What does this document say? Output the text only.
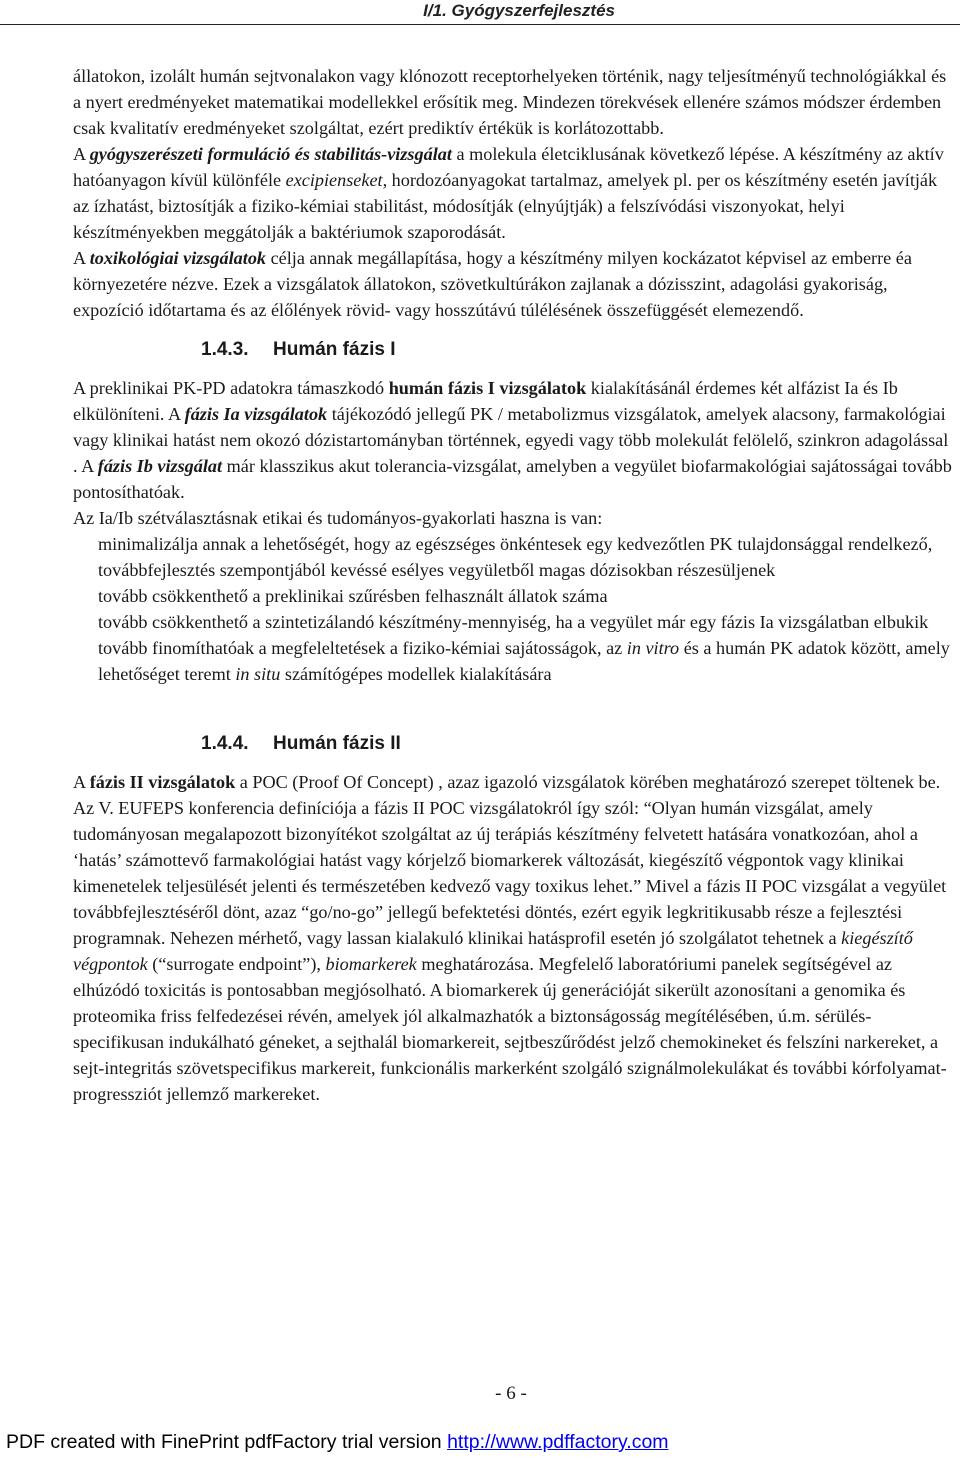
I/1. Gyógyszerfejlesztés

állatokon, izolált humán sejtvonalakon vagy klónozott receptorhelyeken történik, nagy teljesítményű technológiákkal és a nyert eredményeket matematikai modellekkel erősítik meg. Mindezen törekvések ellenére számos módszer érdemben csak kvalitatív eredményeket szolgáltat, ezért prediktív értékük is korlátozottabb.

A gyógyszerészeti formuláció és stabilitás-vizsgálat a molekula életciklusának következő lépése. A készítmény az aktív hatóanyagon kívül különféle excipienseket, hordozóanyagokat tartalmaz, amelyek pl. per os készítmény esetén javítják az ízhatást, biztosítják a fiziko-kémiai stabilitást, módosítják (elnyújtják) a felszívódási viszonyokat, helyi készítményekben meggátolják a baktériumok szaporodását.

A toxikológiai vizsgálatok célja annak megállapítása, hogy a készítmény milyen kockázatot képvisel az emberre éa környezetére nézve. Ezek a vizsgálatok állatokon, szövetkultúrákon zajlanak a dózisszint, adagolási gyakoriság, expozíció időtartama és az élőlények rövid- vagy hosszútávú túlélésének összefüggését elemezendő.

1.4.3. Humán fázis I

A preklinikai PK-PD adatokra támaszkodó humán fázis I vizsgálatok kialakításánál érdemes két alfázist Ia és Ib elkülöníteni. A fázis Ia vizsgálatok tájékozódó jellegű PK / metabolizmus vizsgálatok, amelyek alacsony, farmakológiai vagy klinikai hatást nem okozó dózistartományban történnek, egyedi vagy több molekulát felölelő, szinkron adagolással . A fázis Ib vizsgálat már klasszikus akut tolerancia-vizsgálat, amelyben a vegyület biofarmakológiai sajátosságai tovább pontosíthatóak.

Az Ia/Ib szétválasztásnak etikai és tudományos-gyakorlati haszna is van:

minimalizálja annak a lehetőségét, hogy az egészséges önkéntesek egy kedvezőtlen PK tulajdonsággal rendelkező, továbbfejlesztés szempontjából kevéssé esélyes vegyületből magas dózisokban részesüljenek

tovább csökkenthető a preklinikai szűrésben felhasznált állatok száma

tovább csökkenthető a szintetizálandó készítmény-mennyiség, ha a vegyület már egy fázis Ia vizsgálatban elbukik

tovább finomíthatóak a megfeleltetések a fiziko-kémiai sajátosságok, az in vitro és a humán PK adatok között, amely lehetőséget teremt in situ számítógépes modellek kialakítására

1.4.4. Humán fázis II

A fázis II vizsgálatok a POC (Proof Of Concept) , azaz igazoló vizsgálatok körében meghatározó szerepet töltenek be. Az V. EUFEPS konferencia definíciója a fázis II POC vizsgálatokról így szól: “Olyan humán vizsgálat, amely tudományosan megalapozott bizonyítékot szolgáltat az új terápiás készítmény felvetett hatására vonatkozóan, ahol a ‘hatás’ számottevő farmakológiai hatást vagy kórjelző biomarkerek változását, kiegészítő végpontok vagy klinikai kimenetelek teljesülését jelenti és természetében kedvező vagy toxikus lehet.” Mivel a fázis II POC vizsgálat a vegyület továbbfejlesztéséről dönt, azaz “go/no-go” jellegű befektetési döntés, ezért egyik legkritikusabb része a fejlesztési programnak. Nehezen mérhető, vagy lassan kialakuló klinikai hatásprofil esetén jó szolgálatot tehetnek a kiegészítő végpontok (“surrogate endpoint”), biomarkerek meghatározása. Megfelelő laboratóriumi panelek segítségével az elhúzódó toxicitás is pontosabban megjósolható. A biomarkerek új generációját sikerült azonosítani a genomika és proteomika friss felfedezései révén, amelyek jól alkalmazhatók a biztonságosság megítélésében, ú.m. sérülés-specifikusan indukálható géneket, a sejthalál biomarkereit, sejtbeszűrődést jelző chemokineket és felszíni narkereket, a sejt-integritás szövetspecifikus markereit, funkcionális markerként szolgáló szignálmolekulákat és további kórfolyamat-progressziót jellemző markereket.

- 6 -
PDF created with FinePrint pdfFactory trial version http://www.pdffactory.com
